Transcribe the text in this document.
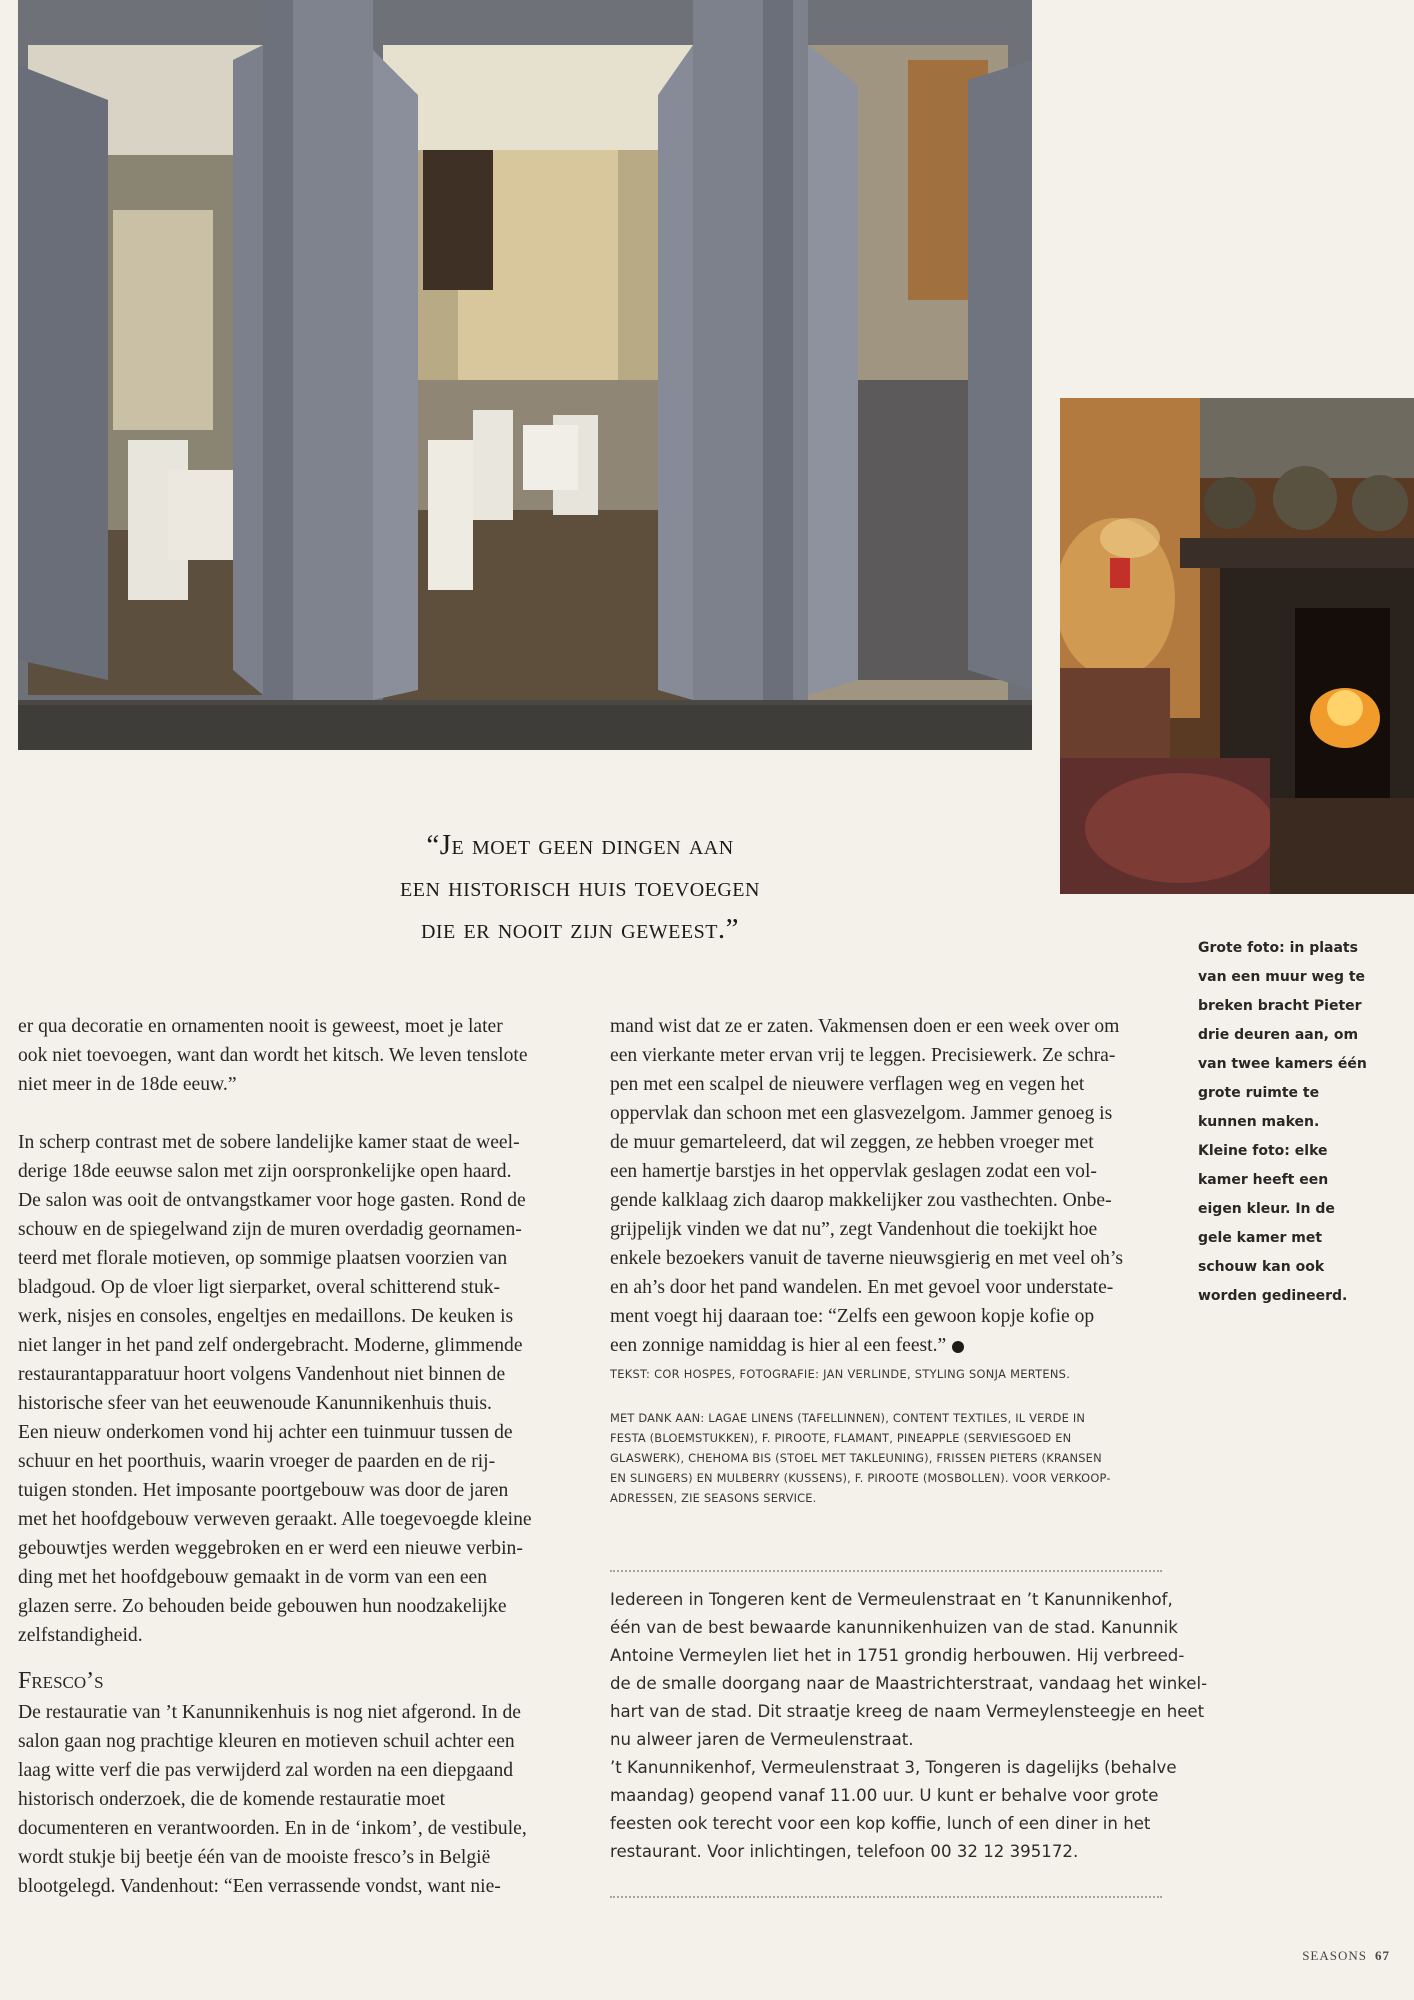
“Je moet geen dingen aan
een historisch huis toevoegen
die er nooit zijn geweest.”
Grote foto: in plaats
van een muur weg te
breken bracht Pieter
drie deuren aan, om
van twee kamers één
grote ruimte te
kunnen maken.
Kleine foto: elke
kamer heeft een
eigen kleur. In de
gele kamer met
schouw kan ook
worden gedineerd.
er qua decoratie en ornamenten nooit is geweest, moet je later
ook niet toevoegen, want dan wordt het kitsch. We leven tenslote
niet meer in de 18de eeuw.”
In scherp contrast met de sobere landelijke kamer staat de weel-
derige 18de eeuwse salon met zijn oorspronkelijke open haard.
De salon was ooit de ontvangstkamer voor hoge gasten. Rond de
schouw en de spiegelwand zijn de muren overdadig geornamen-
teerd met florale motieven, op sommige plaatsen voorzien van
bladgoud. Op de vloer ligt sierparket, overal schitterend stuk-
werk, nisjes en consoles, engeltjes en medaillons. De keuken is
niet langer in het pand zelf ondergebracht. Moderne, glimmende
restaurantapparatuur hoort volgens Vandenhout niet binnen de
historische sfeer van het eeuwenoude Kanunnikenhuis thuis.
Een nieuw onderkomen vond hij achter een tuinmuur tussen de
schuur en het poorthuis, waarin vroeger de paarden en de rij-
tuigen stonden. Het imposante poortgebouw was door de jaren
met het hoofdgebouw verweven geraakt. Alle toegevoegde kleine
gebouwtjes werden weggebroken en er werd een nieuwe verbin-
ding met het hoofdgebouw gemaakt in de vorm van een een
glazen serre. Zo behouden beide gebouwen hun noodzakelijke
zelfstandigheid.
Fresco’s
De restauratie van ’t Kanunnikenhuis is nog niet afgerond. In de
salon gaan nog prachtige kleuren en motieven schuil achter een
laag witte verf die pas verwijderd zal worden na een diepgaand
historisch onderzoek, die de komende restauratie moet
documenteren en verantwoorden. En in de ‘inkom’, de vestibule,
wordt stukje bij beetje één van de mooiste fresco’s in België
blootgelegd. Vandenhout: “Een verrassende vondst, want nie-
mand wist dat ze er zaten. Vakmensen doen er een week over om
een vierkante meter ervan vrij te leggen. Precisiewerk. Ze schra-
pen met een scalpel de nieuwere verflagen weg en vegen het
oppervlak dan schoon met een glasvezelgom. Jammer genoeg is
de muur gemarteleerd, dat wil zeggen, ze hebben vroeger met
een hamertje barstjes in het oppervlak geslagen zodat een vol-
gende kalklaag zich daarop makkelijker zou vasthechten. Onbe-
grijpelijk vinden we dat nu”, zegt Vandenhout die toekijkt hoe
enkele bezoekers vanuit de taverne nieuwsgierig en met veel oh’s
en ah’s door het pand wandelen. En met gevoel voor understate-
ment voegt hij daaraan toe: “Zelfs een gewoon kopje kofie op
een zonnige namiddag is hier al een feest.”
TEKST: COR HOSPES, FOTOGRAFIE: JAN VERLINDE, STYLING SONJA MERTENS.
MET DANK AAN: LAGAE LINENS (TAFELLINNEN), CONTENT TEXTILES, IL VERDE IN
FESTA (BLOEMSTUKKEN), F. PIROOTE, FLAMANT, PINEAPPLE (SERVIESGOED EN
GLASWERK), CHEHOMA BIS (STOEL MET TAKLEUNING), FRISSEN PIETERS (KRANSEN
EN SLINGERS) EN MULBERRY (KUSSENS), F. PIROOTE (MOSBOLLEN). VOOR VERKOOP-
ADRESSEN, ZIE SEASONS SERVICE.
Iedereen in Tongeren kent de Vermeulenstraat en ’t Kanunnikenhof,
één van de best bewaarde kanunnikenhuizen van de stad. Kanunnik
Antoine Vermeylen liet het in 1751 grondig herbouwen. Hij verbreed-
de de smalle doorgang naar de Maastrichterstraat, vandaag het winkel-
hart van de stad. Dit straatje kreeg de naam Vermeylensteegje en heet
nu alweer jaren de Vermeulenstraat.
’t Kanunnikenhof, Vermeulenstraat 3, Tongeren is dagelijks (behalve
maandag) geopend vanaf 11.00 uur. U kunt er behalve voor grote
feesten ook terecht voor een kop koffie, lunch of een diner in het
restaurant. Voor inlichtingen, telefoon 00 32 12 395172.
SEASONS 67
